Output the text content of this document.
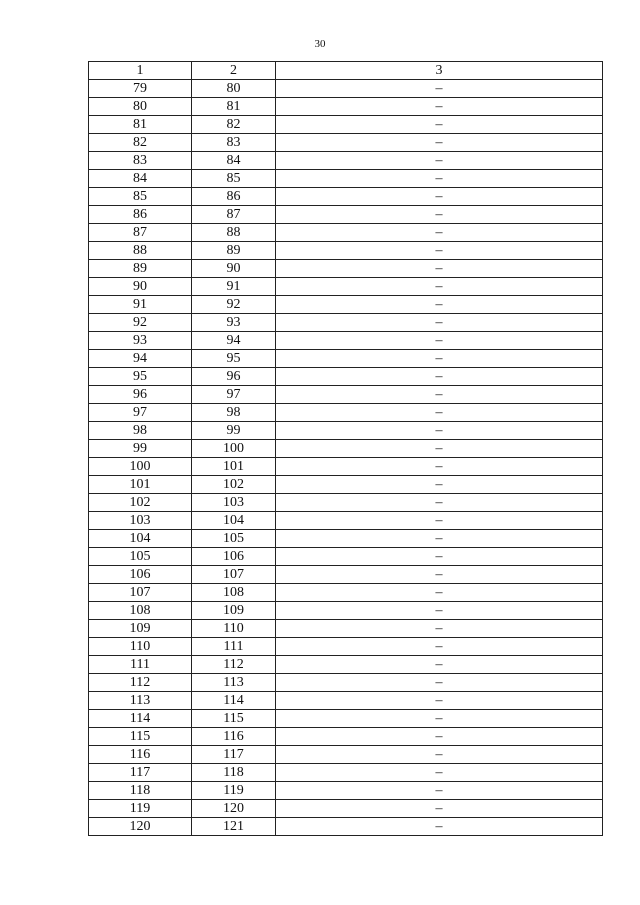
30
1	2	3
79	80	–
80	81	–
81	82	–
82	83	–
83	84	–
84	85	–
85	86	–
86	87	–
87	88	–
88	89	–
89	90	–
90	91	–
91	92	–
92	93	–
93	94	–
94	95	–
95	96	–
96	97	–
97	98	–
98	99	–
99	100	–
100	101	–
101	102	–
102	103	–
103	104	–
104	105	–
105	106	–
106	107	–
107	108	–
108	109	–
109	110	–
110	111	–
111	112	–
112	113	–
113	114	–
114	115	–
115	116	–
116	117	–
117	118	–
118	119	–
119	120	–
120	121	–
